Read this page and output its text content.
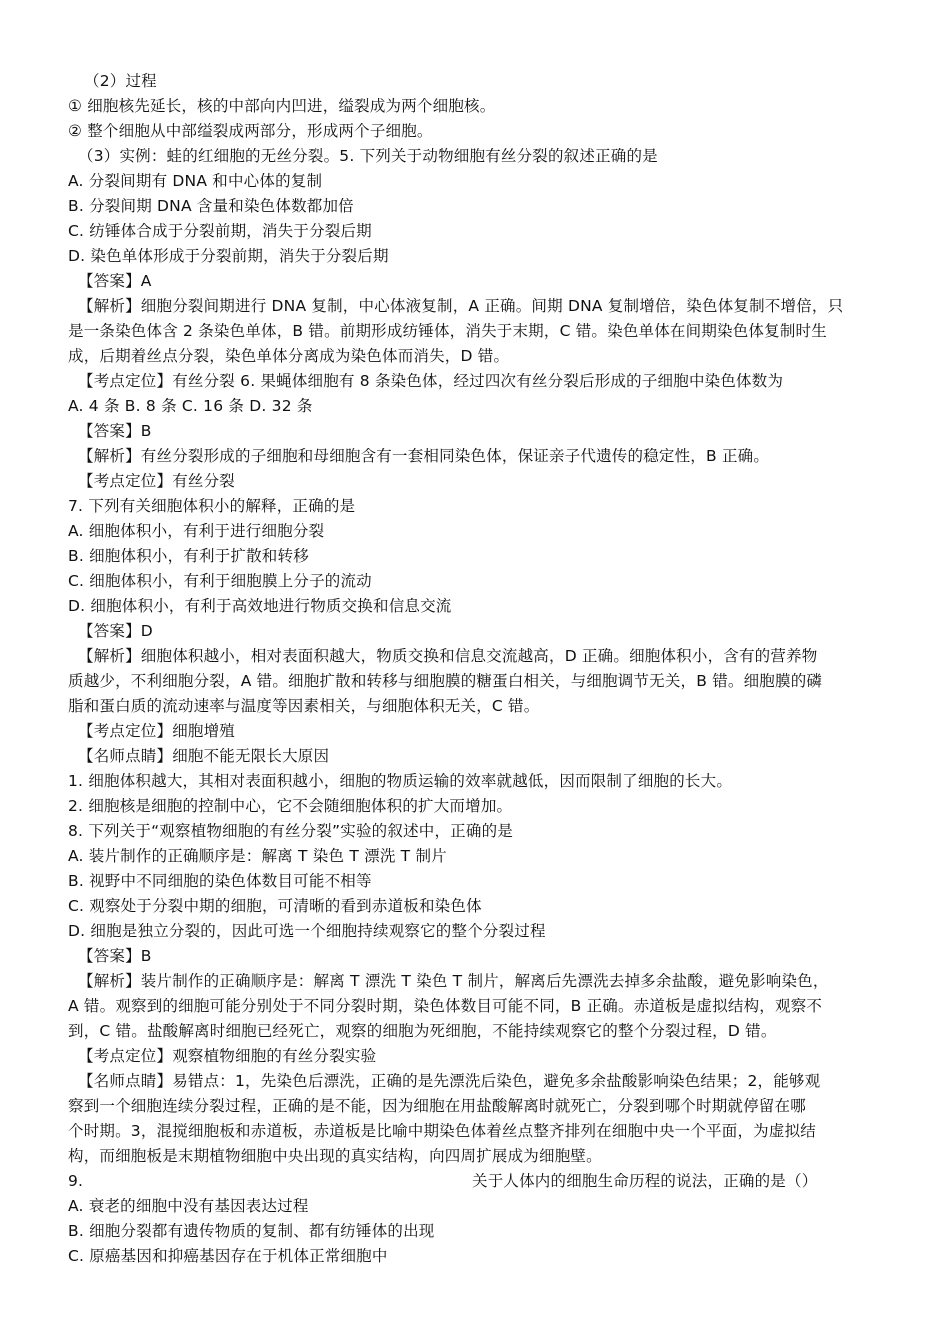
（2）过程
① 细胞核先延长，核的中部向内凹进，缢裂成为两个细胞核。
② 整个细胞从中部缢裂成两部分，形成两个子细胞。
（3）实例：蛙的红细胞的无丝分裂。5. 下列关于动物细胞有丝分裂的叙述正确的是
A. 分裂间期有 DNA 和中心体的复制
B. 分裂间期 DNA 含量和染色体数都加倍
C. 纺锤体合成于分裂前期，消失于分裂后期
D. 染色单体形成于分裂前期，消失于分裂后期
【答案】A
【解析】细胞分裂间期进行 DNA 复制，中心体液复制，A 正确。间期 DNA 复制增倍，染色体复制不增倍，只
是一条染色体含 2 条染色单体，B 错。前期形成纺锤体，消失于末期，C 错。染色单体在间期染色体复制时生
成，后期着丝点分裂，染色单体分离成为染色体而消失，D 错。
【考点定位】有丝分裂 6. 果蝇体细胞有 8 条染色体，经过四次有丝分裂后形成的子细胞中染色体数为
A. 4 条 B. 8 条 C. 16 条 D. 32 条
【答案】B
【解析】有丝分裂形成的子细胞和母细胞含有一套相同染色体，保证亲子代遗传的稳定性，B 正确。
【考点定位】有丝分裂
7. 下列有关细胞体积小的解释，正确的是
A. 细胞体积小，有利于进行细胞分裂
B. 细胞体积小，有利于扩散和转移
C. 细胞体积小，有利于细胞膜上分子的流动
D. 细胞体积小，有利于高效地进行物质交换和信息交流
【答案】D
【解析】细胞体积越小，相对表面积越大，物质交换和信息交流越高，D 正确。细胞体积小，含有的营养物
质越少，不利细胞分裂，A 错。细胞扩散和转移与细胞膜的糖蛋白相关，与细胞调节无关，B 错。细胞膜的磷
脂和蛋白质的流动速率与温度等因素相关，与细胞体积无关，C 错。
【考点定位】细胞增殖
【名师点睛】细胞不能无限长大原因
1. 细胞体积越大，其相对表面积越小，细胞的物质运输的效率就越低，因而限制了细胞的长大。
2. 细胞核是细胞的控制中心，它不会随细胞体积的扩大而增加。
8. 下列关于“观察植物细胞的有丝分裂”实验的叙述中，正确的是
A. 装片制作的正确顺序是：解离 T 染色 T 漂洗 T 制片
B. 视野中不同细胞的染色体数目可能不相等
C. 观察处于分裂中期的细胞，可清晰的看到赤道板和染色体
D. 细胞是独立分裂的，因此可选一个细胞持续观察它的整个分裂过程
【答案】B
【解析】装片制作的正确顺序是：解离 T 漂洗 T 染色 T 制片，解离后先漂洗去掉多余盐酸，避免影响染色，
A 错。观察到的细胞可能分别处于不同分裂时期，染色体数目可能不同，B 正确。赤道板是虚拟结构，观察不
到，C 错。盐酸解离时细胞已经死亡，观察的细胞为死细胞，不能持续观察它的整个分裂过程，D 错。
【考点定位】观察植物细胞的有丝分裂实验
【名师点睛】易错点：1，先染色后漂洗，正确的是先漂洗后染色，避免多余盐酸影响染色结果；2，能够观
察到一个细胞连续分裂过程，正确的是不能，因为细胞在用盐酸解离时就死亡，分裂到哪个时期就停留在哪
个时期。3，混搅细胞板和赤道板，赤道板是比喻中期染色体着丝点整齐排列在细胞中央一个平面，为虚拟结
构，而细胞板是末期植物细胞中央出现的真实结构，向四周扩展成为细胞壁。
9.	关于人体内的细胞生命历程的说法，正确的是（）
A. 衰老的细胞中没有基因表达过程
B. 细胞分裂都有遗传物质的复制、都有纺锤体的出现
C. 原癌基因和抑癌基因存在于机体正常细胞中
